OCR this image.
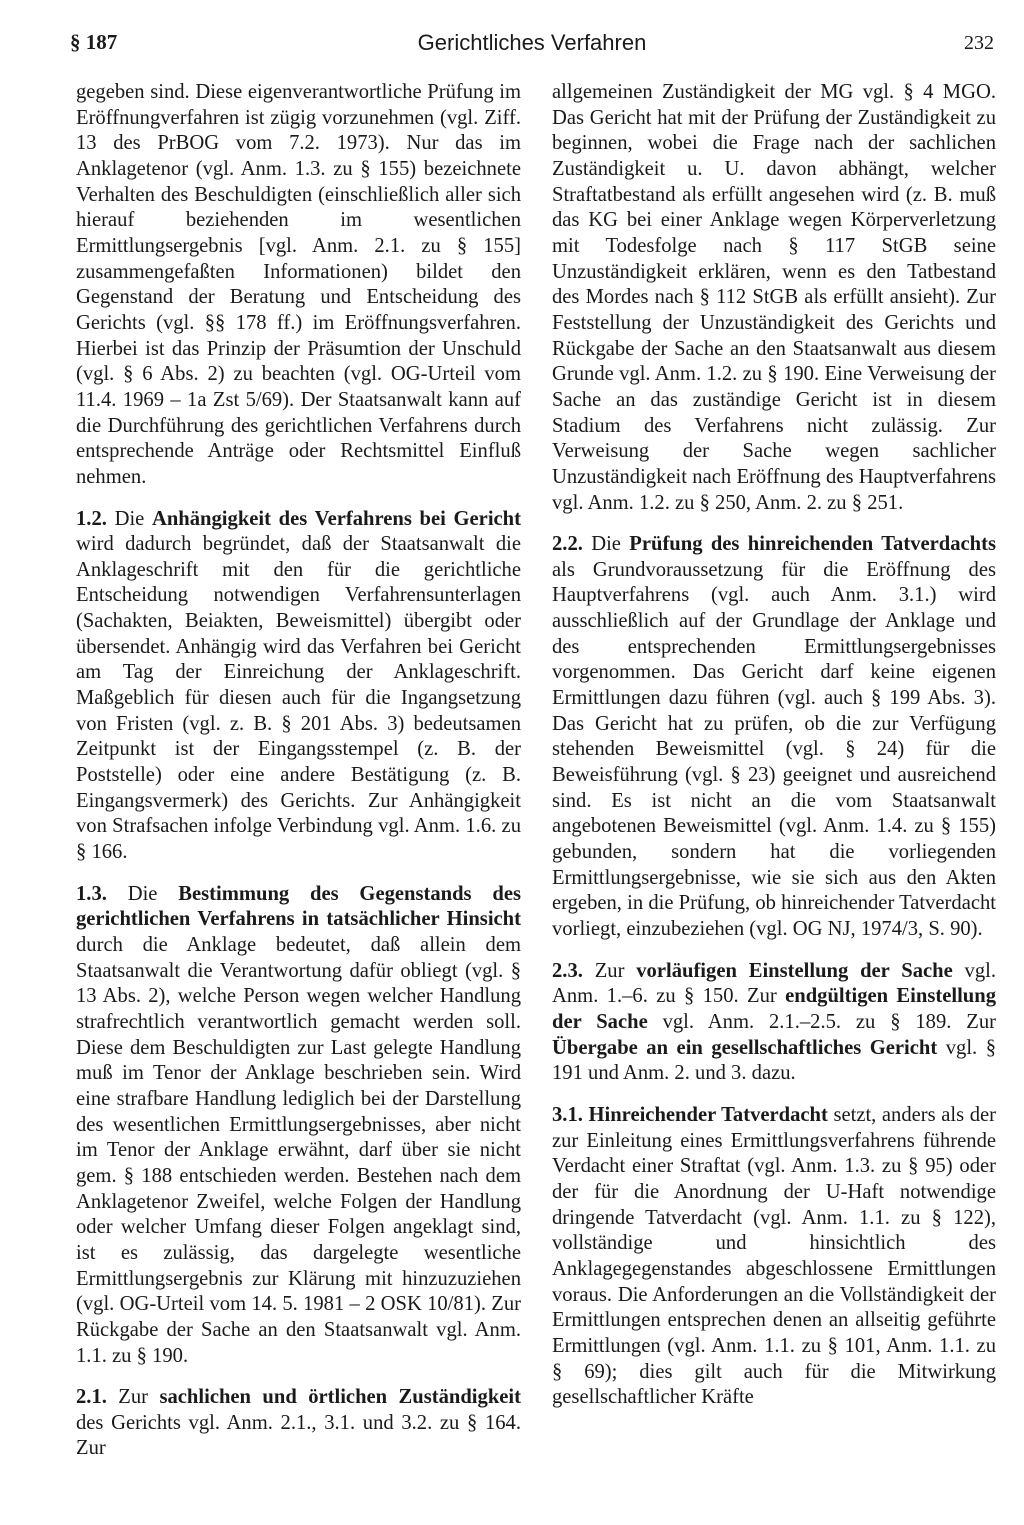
§ 187	Gerichtliches Verfahren	232

gegeben sind. Diese eigenverantwortliche Prüfung im Eröffnungverfahren ist zügig vorzunehmen (vgl. Ziff. 13 des PrBOG vom 7.2. 1973). Nur das im Anklagetenor (vgl. Anm. 1.3. zu § 155) bezeichnete Verhalten des Beschuldigten (einschließlich aller sich hierauf beziehenden im wesentlichen Ermittlungsergebnis [vgl. Anm. 2.1. zu § 155] zusammengefaßten Informationen) bildet den Gegenstand der Beratung und Entscheidung des Gerichts (vgl. §§ 178 ff.) im Eröffnungsverfahren. Hierbei ist das Prinzip der Präsumtion der Unschuld (vgl. § 6 Abs. 2) zu beachten (vgl. OG-Urteil vom 11.4. 1969 – 1a Zst 5/69). Der Staatsanwalt kann auf die Durchführung des gerichtlichen Verfahrens durch entsprechende Anträge oder Rechtsmittel Einfluß nehmen.

1.2. Die Anhängigkeit des Verfahrens bei Gericht wird dadurch begründet, daß der Staatsanwalt die Anklageschrift mit den für die gerichtliche Entscheidung notwendigen Verfahrensunterlagen (Sachakten, Beiakten, Beweismittel) übergibt oder übersendet. Anhängig wird das Verfahren bei Gericht am Tag der Einreichung der Anklageschrift. Maßgeblich für diesen auch für die Ingangsetzung von Fristen (vgl. z. B. § 201 Abs. 3) bedeutsamen Zeitpunkt ist der Eingangsstempel (z. B. der Poststelle) oder eine andere Bestätigung (z. B. Eingangsvermerk) des Gerichts. Zur Anhängigkeit von Strafsachen infolge Verbindung vgl. Anm. 1.6. zu § 166.

1.3. Die Bestimmung des Gegenstands des gerichtlichen Verfahrens in tatsächlicher Hinsicht durch die Anklage bedeutet, daß allein dem Staatsanwalt die Verantwortung dafür obliegt (vgl. § 13 Abs. 2), welche Person wegen welcher Handlung strafrechtlich verantwortlich gemacht werden soll. Diese dem Beschuldigten zur Last gelegte Handlung muß im Tenor der Anklage beschrieben sein. Wird eine strafbare Handlung lediglich bei der Darstellung des wesentlichen Ermittlungsergebnisses, aber nicht im Tenor der Anklage erwähnt, darf über sie nicht gem. § 188 entschieden werden. Bestehen nach dem Anklagetenor Zweifel, welche Folgen der Handlung oder welcher Umfang dieser Folgen angeklagt sind, ist es zulässig, das dargelegte wesentliche Ermittlungsergebnis zur Klärung mit hinzuzuziehen (vgl. OG-Urteil vom 14. 5. 1981 – 2 OSK 10/81). Zur Rückgabe der Sache an den Staatsanwalt vgl. Anm. 1.1. zu § 190.

2.1. Zur sachlichen und örtlichen Zuständigkeit des Gerichts vgl. Anm. 2.1., 3.1. und 3.2. zu § 164. Zur

allgemeinen Zuständigkeit der MG vgl. § 4 MGO. Das Gericht hat mit der Prüfung der Zuständigkeit zu beginnen, wobei die Frage nach der sachlichen Zuständigkeit u. U. davon abhängt, welcher Straftatbestand als erfüllt angesehen wird (z. B. muß das KG bei einer Anklage wegen Körperverletzung mit Todesfolge nach § 117 StGB seine Unzuständigkeit erklären, wenn es den Tatbestand des Mordes nach § 112 StGB als erfüllt ansieht). Zur Feststellung der Unzuständigkeit des Gerichts und Rückgabe der Sache an den Staatsanwalt aus diesem Grunde vgl. Anm. 1.2. zu § 190. Eine Verweisung der Sache an das zuständige Gericht ist in diesem Stadium des Verfahrens nicht zulässig. Zur Verweisung der Sache wegen sachlicher Unzuständigkeit nach Eröffnung des Hauptverfahrens vgl. Anm. 1.2. zu § 250, Anm. 2. zu § 251.

2.2. Die Prüfung des hinreichenden Tatverdachts als Grundvoraussetzung für die Eröffnung des Hauptverfahrens (vgl. auch Anm. 3.1.) wird ausschließlich auf der Grundlage der Anklage und des entsprechenden Ermittlungsergebnisses vorgenommen. Das Gericht darf keine eigenen Ermittlungen dazu führen (vgl. auch § 199 Abs. 3). Das Gericht hat zu prüfen, ob die zur Verfügung stehenden Beweismittel (vgl. § 24) für die Beweisführung (vgl. § 23) geeignet und ausreichend sind. Es ist nicht an die vom Staatsanwalt angebotenen Beweismittel (vgl. Anm. 1.4. zu § 155) gebunden, sondern hat die vorliegenden Ermittlungsergebnisse, wie sie sich aus den Akten ergeben, in die Prüfung, ob hinreichender Tatverdacht vorliegt, einzubeziehen (vgl. OG NJ, 1974/3, S. 90).

2.3. Zur vorläufigen Einstellung der Sache vgl. Anm. 1.–6. zu § 150. Zur endgültigen Einstellung der Sache vgl. Anm. 2.1.–2.5. zu § 189. Zur Übergabe an ein gesellschaftliches Gericht vgl. § 191 und Anm. 2. und 3. dazu.

3.1. Hinreichender Tatverdacht setzt, anders als der zur Einleitung eines Ermittlungsverfahrens führende Verdacht einer Straftat (vgl. Anm. 1.3. zu § 95) oder der für die Anordnung der U-Haft notwendige dringende Tatverdacht (vgl. Anm. 1.1. zu § 122), vollständige und hinsichtlich des Anklagegegenstandes abgeschlossene Ermittlungen voraus. Die Anforderungen an die Vollständigkeit der Ermittlungen entsprechen denen an allseitig geführte Ermittlungen (vgl. Anm. 1.1. zu § 101, Anm. 1.1. zu § 69); dies gilt auch für die Mitwirkung gesellschaftlicher Kräfte
